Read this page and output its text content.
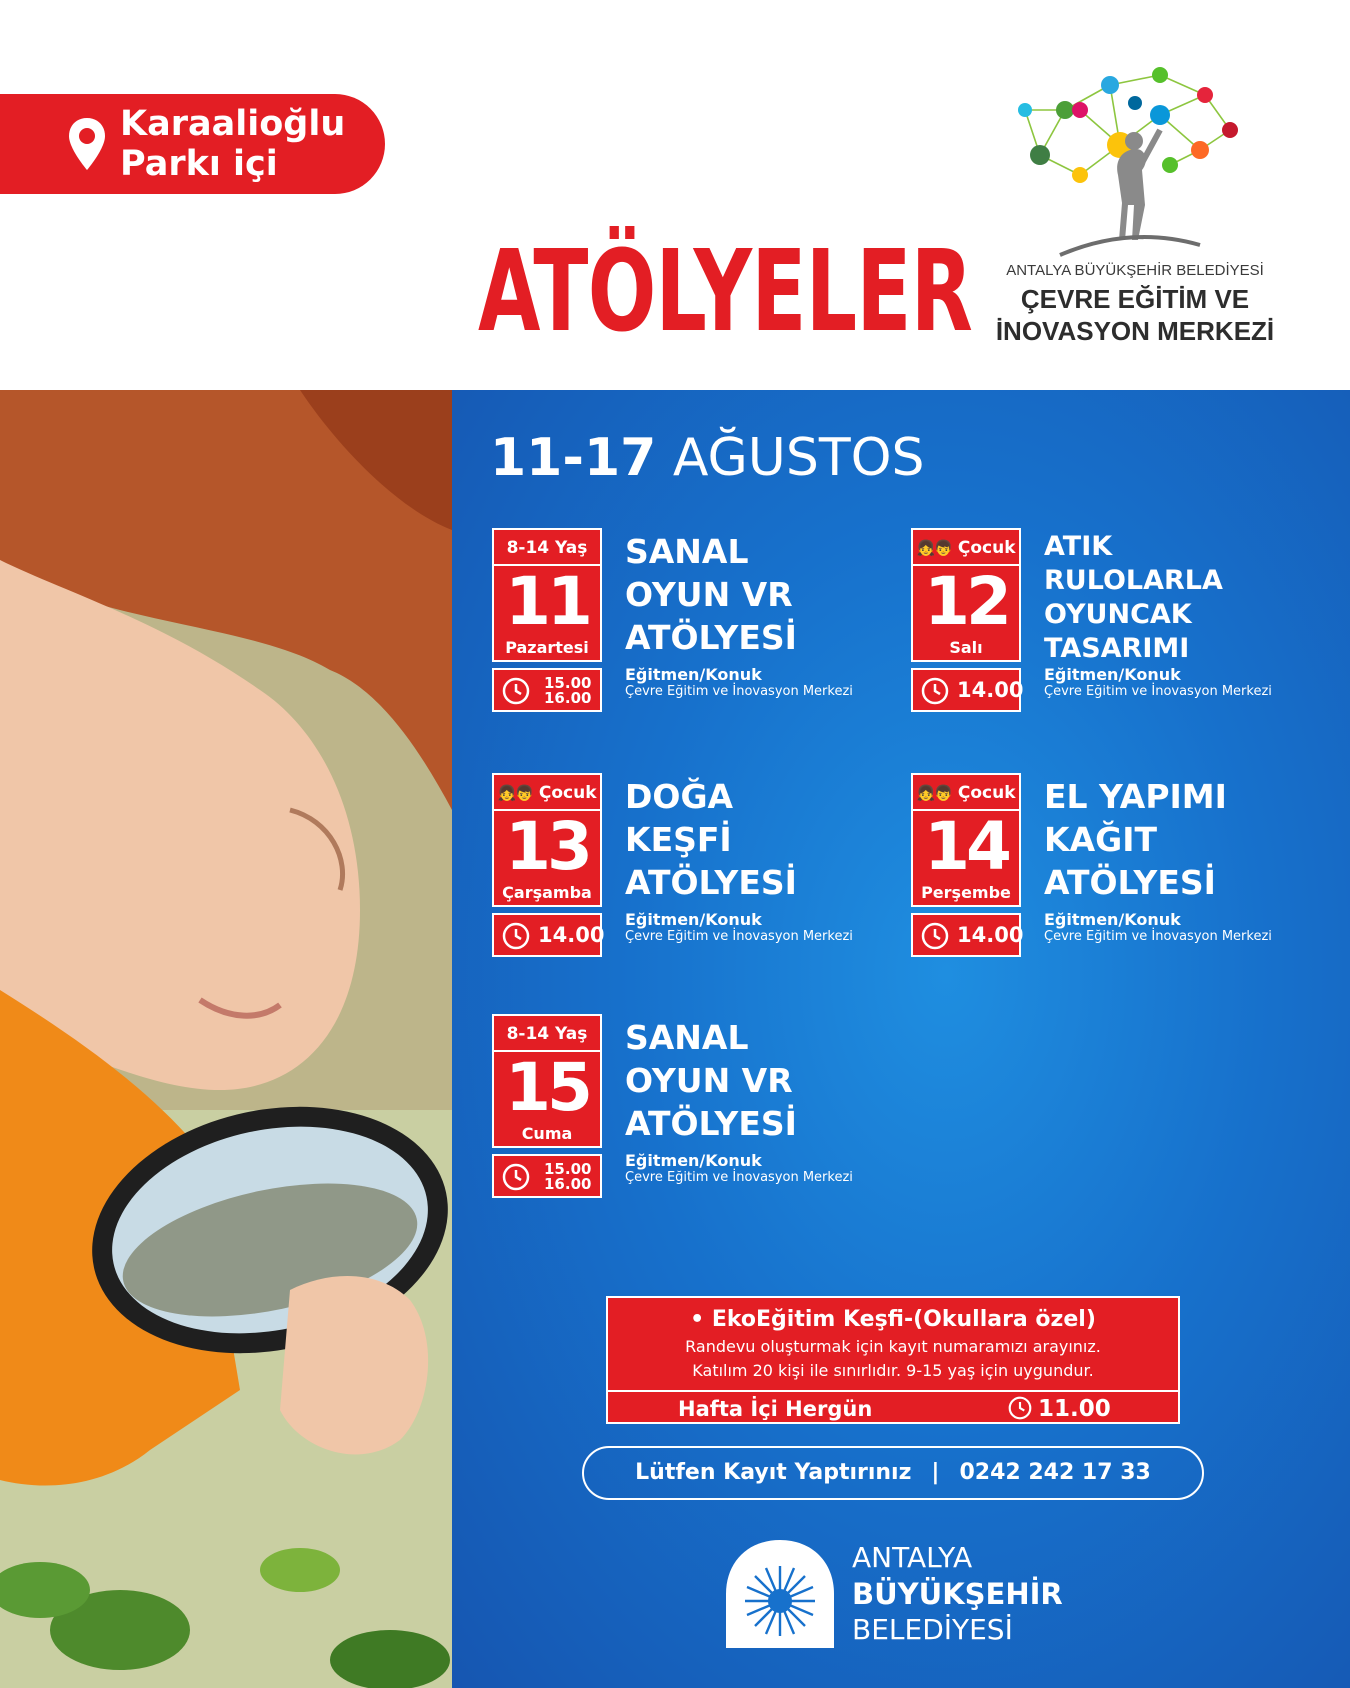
Karaalioğlu
Parkı içi
ATÖLYELER	ANTALYA BÜYÜKŞEHİR BELEDİYESİ
ÇEVRE EĞİTİM VE
İNOVASYON MERKEZİ
11-17 AĞUSTOS
8-14 Yaş
11
Pazartesi
15.00
16.00
SANAL
OYUN VR
ATÖLYESİ
Eğitmen/Konuk
Çevre Eğitim ve İnovasyon Merkezi
👧👦 Çocuk
12
Salı
14.00
ATIK
RULOLARLA
OYUNCAK
TASARIMI
Eğitmen/Konuk
Çevre Eğitim ve İnovasyon Merkezi
👧👦 Çocuk
13
Çarşamba
14.00
DOĞA
KEŞFİ
ATÖLYESİ
Eğitmen/Konuk
Çevre Eğitim ve İnovasyon Merkezi
👧👦 Çocuk
14
Perşembe
14.00
EL YAPIMI
KAĞIT
ATÖLYESİ
Eğitmen/Konuk
Çevre Eğitim ve İnovasyon Merkezi
8-14 Yaş
15
Cuma
15.00
16.00
SANAL
OYUN VR
ATÖLYESİ
Eğitmen/Konuk
Çevre Eğitim ve İnovasyon Merkezi
• EkoEğitim Keşfi-(Okullara özel)
Randevu oluşturmak için kayıt numaramızı arayınız.
Katılım 20 kişi ile sınırlıdır. 9-15 yaş için uygundur.
Hafta İçi Hergün	11.00
Lütfen Kayıt Yaptırınız | 0242 242 17 33
ANTALYA
BÜYÜKŞEHİR
BELEDİYESİ
